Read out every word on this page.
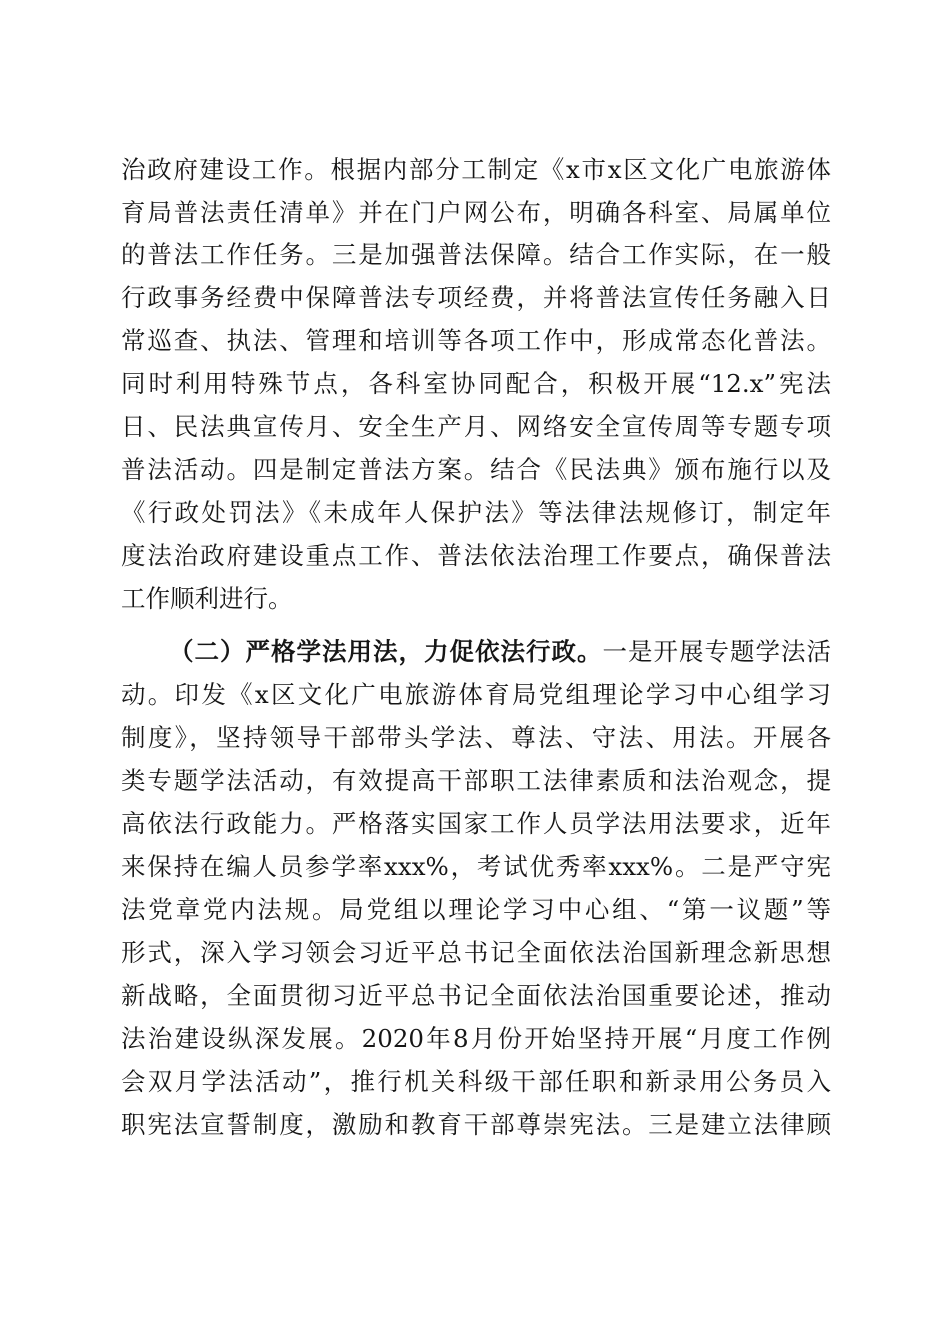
治政府建设工作。根据内部分工制定《x市x区文化广电旅游体
育局普法责任清单》并在门户网公布，明确各科室、局属单位
的普法工作任务。三是加强普法保障。结合工作实际，在一般
行政事务经费中保障普法专项经费，并将普法宣传任务融入日
常巡查、执法、管理和培训等各项工作中，形成常态化普法。
同时利用特殊节点，各科室协同配合，积极开展“12.x”宪法
日、民法典宣传月、安全生产月、网络安全宣传周等专题专项
普法活动。四是制定普法方案。结合《民法典》颁布施行以及
《行政处罚法》《未成年人保护法》等法律法规修订，制定年
度法治政府建设重点工作、普法依法治理工作要点，确保普法
工作顺利进行。
（二）严格学法用法，力促依法行政。一是开展专题学法活
动。印发《x区文化广电旅游体育局党组理论学习中心组学习
制度》，坚持领导干部带头学法、尊法、守法、用法。开展各
类专题学法活动，有效提高干部职工法律素质和法治观念，提
高依法行政能力。严格落实国家工作人员学法用法要求，近年
来保持在编人员参学率xxx%，考试优秀率xxx%。二是严守宪
法党章党内法规。局党组以理论学习中心组、“第一议题”等
形式，深入学习领会习近平总书记全面依法治国新理念新思想
新战略，全面贯彻习近平总书记全面依法治国重要论述，推动
法治建设纵深发展。2020年8月份开始坚持开展“月度工作例
会双月学法活动”，推行机关科级干部任职和新录用公务员入
职宪法宣誓制度，激励和教育干部尊崇宪法。三是建立法律顾
